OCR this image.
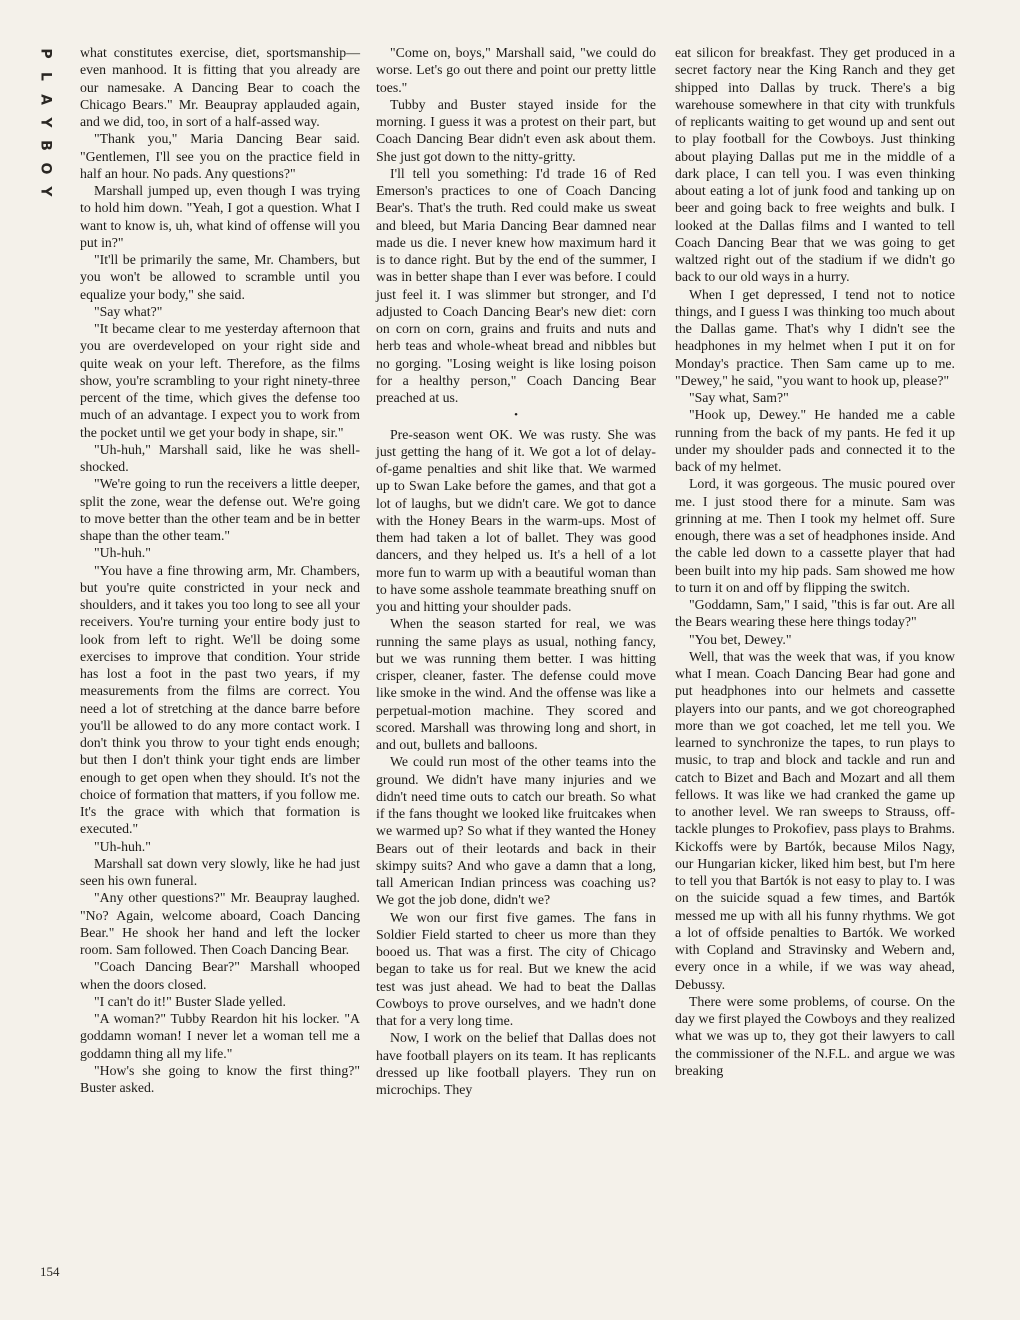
P
L
A
Y
B
O
Y

what constitutes exercise, diet, sportsmanship—even manhood. It is fitting that you already are our namesake. A Dancing Bear to coach the Chicago Bears." Mr. Beaupray applauded again, and we did, too, in sort of a half-assed way.

"Thank you," Maria Dancing Bear said. "Gentlemen, I'll see you on the practice field in half an hour. No pads. Any questions?"

Marshall jumped up, even though I was trying to hold him down. "Yeah, I got a question. What I want to know is, uh, what kind of offense will you put in?"

"It'll be primarily the same, Mr. Chambers, but you won't be allowed to scramble until you equalize your body," she said.

"Say what?"

"It became clear to me yesterday afternoon that you are overdeveloped on your right side and quite weak on your left. Therefore, as the films show, you're scrambling to your right ninety-three percent of the time, which gives the defense too much of an advantage. I expect you to work from the pocket until we get your body in shape, sir."

"Uh-huh," Marshall said, like he was shell-shocked.

"We're going to run the receivers a little deeper, split the zone, wear the defense out. We're going to move better than the other team and be in better shape than the other team."

"Uh-huh."

"You have a fine throwing arm, Mr. Chambers, but you're quite constricted in your neck and shoulders, and it takes you too long to see all your receivers. You're turning your entire body just to look from left to right. We'll be doing some exercises to improve that condition. Your stride has lost a foot in the past two years, if my measurements from the films are correct. You need a lot of stretching at the dance barre before you'll be allowed to do any more contact work. I don't think you throw to your tight ends enough; but then I don't think your tight ends are limber enough to get open when they should. It's not the choice of formation that matters, if you follow me. It's the grace with which that formation is executed."

"Uh-huh."

Marshall sat down very slowly, like he had just seen his own funeral.

"Any other questions?" Mr. Beaupray laughed. "No? Again, welcome aboard, Coach Dancing Bear." He shook her hand and left the locker room. Sam followed. Then Coach Dancing Bear.

"Coach Dancing Bear?" Marshall whooped when the doors closed.

"I can't do it!" Buster Slade yelled.

"A woman?" Tubby Reardon hit his locker. "A goddamn woman! I never let a woman tell me a goddamn thing all my life."

"How's she going to know the first thing?" Buster asked.

"Come on, boys," Marshall said, "we could do worse. Let's go out there and point our pretty little toes."

Tubby and Buster stayed inside for the morning. I guess it was a protest on their part, but Coach Dancing Bear didn't even ask about them. She just got down to the nitty-gritty.

I'll tell you something: I'd trade 16 of Red Emerson's practices to one of Coach Dancing Bear's. That's the truth. Red could make us sweat and bleed, but Maria Dancing Bear damned near made us die. I never knew how maximum hard it is to dance right. But by the end of the summer, I was in better shape than I ever was before. I could just feel it. I was slimmer but stronger, and I'd adjusted to Coach Dancing Bear's new diet: corn on corn on corn, grains and fruits and nuts and herb teas and whole-wheat bread and nibbles but no gorging. "Losing weight is like losing poison for a healthy person," Coach Dancing Bear preached at us.

•

Pre-season went OK. We was rusty. She was just getting the hang of it. We got a lot of delay-of-game penalties and shit like that. We warmed up to Swan Lake before the games, and that got a lot of laughs, but we didn't care. We got to dance with the Honey Bears in the warm-ups. Most of them had taken a lot of ballet. They was good dancers, and they helped us. It's a hell of a lot more fun to warm up with a beautiful woman than to have some asshole teammate breathing snuff on you and hitting your shoulder pads.

When the season started for real, we was running the same plays as usual, nothing fancy, but we was running them better. I was hitting crisper, cleaner, faster. The defense could move like smoke in the wind. And the offense was like a perpetual-motion machine. They scored and scored. Marshall was throwing long and short, in and out, bullets and balloons.

We could run most of the other teams into the ground. We didn't have many injuries and we didn't need time outs to catch our breath. So what if the fans thought we looked like fruitcakes when we warmed up? So what if they wanted the Honey Bears out of their leotards and back in their skimpy suits? And who gave a damn that a long, tall American Indian princess was coaching us? We got the job done, didn't we?

We won our first five games. The fans in Soldier Field started to cheer us more than they booed us. That was a first. The city of Chicago began to take us for real. But we knew the acid test was just ahead. We had to beat the Dallas Cowboys to prove ourselves, and we hadn't done that for a very long time.

Now, I work on the belief that Dallas does not have football players on its team. It has replicants dressed up like football players. They run on microchips. They

eat silicon for breakfast. They get produced in a secret factory near the King Ranch and they get shipped into Dallas by truck. There's a big warehouse somewhere in that city with trunkfuls of replicants waiting to get wound up and sent out to play football for the Cowboys. Just thinking about playing Dallas put me in the middle of a dark place, I can tell you. I was even thinking about eating a lot of junk food and tanking up on beer and going back to free weights and bulk. I looked at the Dallas films and I wanted to tell Coach Dancing Bear that we was going to get waltzed right out of the stadium if we didn't go back to our old ways in a hurry.

When I get depressed, I tend not to notice things, and I guess I was thinking too much about the Dallas game. That's why I didn't see the headphones in my helmet when I put it on for Monday's practice. Then Sam came up to me. "Dewey," he said, "you want to hook up, please?"

"Say what, Sam?"

"Hook up, Dewey." He handed me a cable running from the back of my pants. He fed it up under my shoulder pads and connected it to the back of my helmet.

Lord, it was gorgeous. The music poured over me. I just stood there for a minute. Sam was grinning at me. Then I took my helmet off. Sure enough, there was a set of headphones inside. And the cable led down to a cassette player that had been built into my hip pads. Sam showed me how to turn it on and off by flipping the switch.

"Goddamn, Sam," I said, "this is far out. Are all the Bears wearing these here things today?"

"You bet, Dewey."

Well, that was the week that was, if you know what I mean. Coach Dancing Bear had gone and put headphones into our helmets and cassette players into our pants, and we got choreographed more than we got coached, let me tell you. We learned to synchronize the tapes, to run plays to music, to trap and block and tackle and run and catch to Bizet and Bach and Mozart and all them fellows. It was like we had cranked the game up to another level. We ran sweeps to Strauss, off-tackle plunges to Prokofiev, pass plays to Brahms. Kickoffs were by Bartók, because Milos Nagy, our Hungarian kicker, liked him best, but I'm here to tell you that Bartók is not easy to play to. I was on the suicide squad a few times, and Bartók messed me up with all his funny rhythms. We got a lot of offside penalties to Bartók. We worked with Copland and Stravinsky and Webern and, every once in a while, if we was way ahead, Debussy.

There were some problems, of course. On the day we first played the Cowboys and they realized what we was up to, they got their lawyers to call the commissioner of the N.F.L. and argue we was breaking

154
